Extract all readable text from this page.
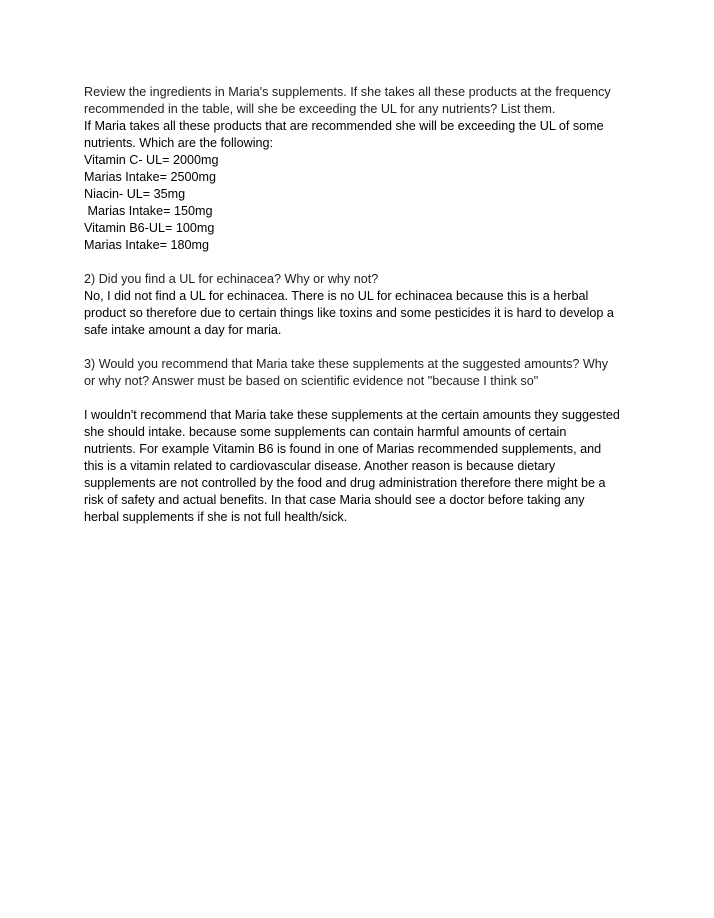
Review the ingredients in Maria's supplements. If she takes all these products at the frequency
recommended in the table, will she be exceeding the UL for any nutrients? List them.
If Maria takes all these products that are recommended she will be exceeding the UL of some
nutrients. Which are the following:
Vitamin C- UL= 2000mg
Marias Intake= 2500mg
Niacin- UL= 35mg
Marias Intake= 150mg
Vitamin B6-UL= 100mg
Marias Intake= 180mg
2) Did you find a UL for echinacea? Why or why not?
No, I did not find a UL for echinacea. There is no UL for echinacea because this is a herbal
product so therefore due to certain things like toxins and some pesticides it is hard to develop a
safe intake amount a day for maria.
3) Would you recommend that Maria take these supplements at the suggested amounts? Why
or why not? Answer must be based on scientific evidence not "because I think so"
I wouldn't recommend that Maria take these supplements at the certain amounts they suggested
she should intake. because some supplements can contain harmful amounts of certain
nutrients. For example Vitamin B6 is found in one of Marias recommended supplements, and
this is a vitamin related to cardiovascular disease. Another reason is because dietary
supplements are not controlled by the food and drug administration therefore there might be a
risk of safety and actual benefits. In that case Maria should see a doctor before taking any
herbal supplements if she is not full health/sick.
